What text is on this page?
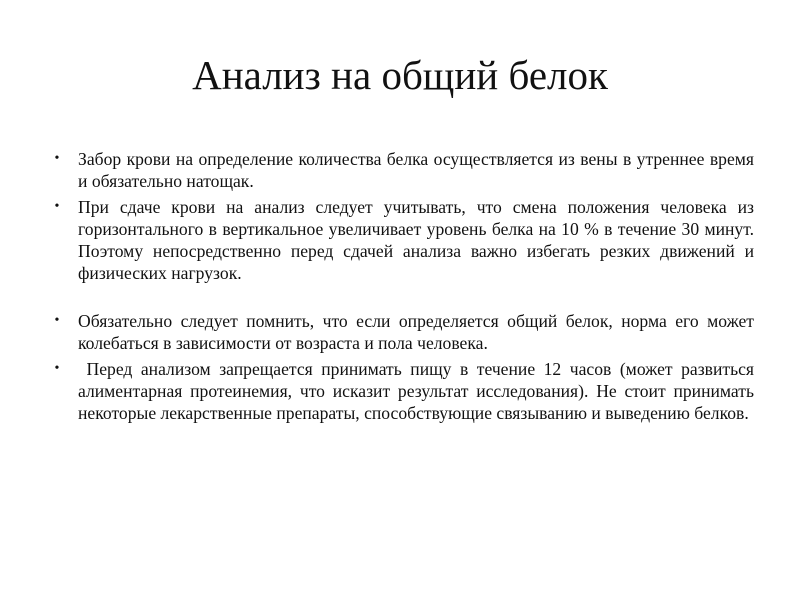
Анализ на общий белок
• Забор крови на определение количества белка осуществляется из вены в утреннее время и обязательно натощак.
• При сдаче крови на анализ следует учитывать, что смена положения человека из горизонтального в вертикальное увеличивает уровень белка на 10 % в течение 30 минут. Поэтому непосредственно перед сдачей анализа важно избегать резких движений и физических нагрузок.
• Обязательно следует помнить, что если определяется общий белок, норма его может колебаться в зависимости от возраста и пола человека.
• Перед анализом запрещается принимать пищу в течение 12 часов (может развиться алиментарная протеинемия, что исказит результат исследования). Не стоит принимать некоторые лекарственные препараты, способствующие связыванию и выведению белков.
